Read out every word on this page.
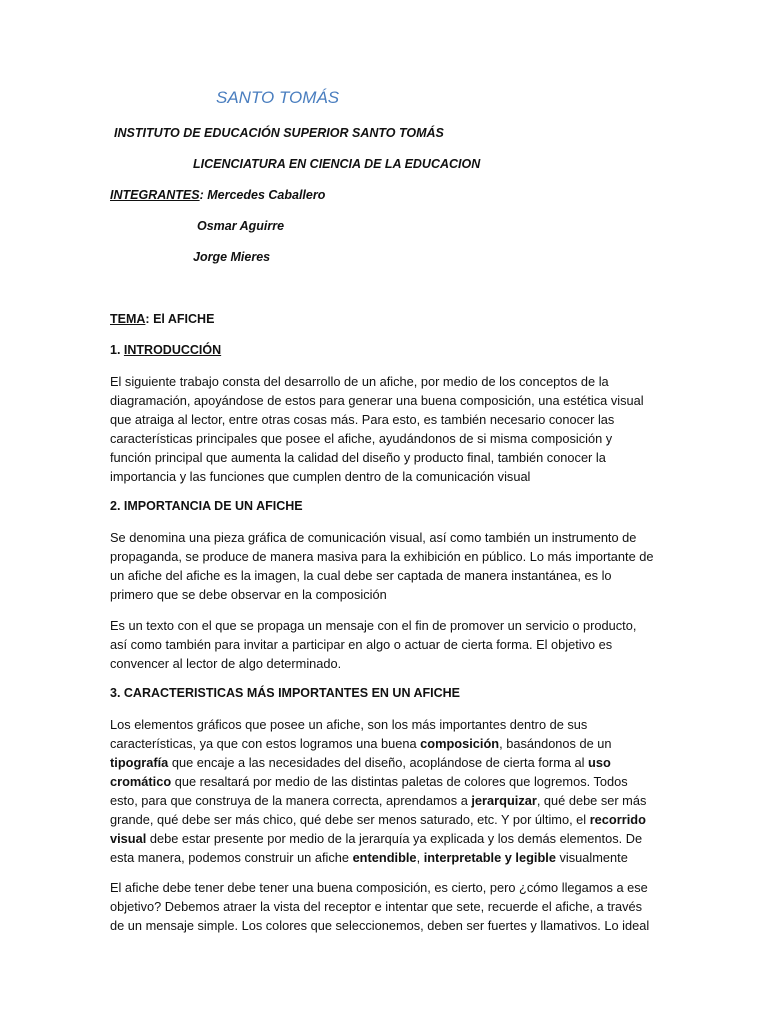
SANTO TOMÁS
INSTITUTO DE EDUCACIÓN SUPERIOR SANTO TOMÁS
LICENCIATURA EN CIENCIA DE LA EDUCACION
INTEGRANTES: Mercedes Caballero
Osmar Aguirre
Jorge Mieres
TEMA: El AFICHE
1. INTRODUCCIÓN

El siguiente trabajo consta del desarrollo de un afiche, por medio de los conceptos de la diagramación, apoyándose de estos para generar una buena composición, una estética visual que atraiga al lector, entre otras cosas más. Para esto, es también necesario conocer las características principales que posee el afiche, ayudándonos de si misma composición y función principal que aumenta la calidad del diseño y producto final, también conocer la importancia y las funciones que cumplen dentro de la comunicación visual

2. IMPORTANCIA DE UN AFICHE

Se denomina una pieza gráfica de comunicación visual, así como también un instrumento de propaganda, se produce de manera masiva para la exhibición en público. Lo más importante de un afiche del afiche es la imagen, la cual debe ser captada de manera instantánea, es lo primero que se debe observar en la composición

Es un texto con el que se propaga un mensaje con el fin de promover un servicio o producto, así como también para invitar a participar en algo o actuar de cierta forma. El objetivo es convencer al lector de algo determinado.

3. CARACTERISTICAS MÁS IMPORTANTES EN UN AFICHE

Los elementos gráficos que posee un afiche, son los más importantes dentro de sus características, ya que con estos logramos una buena composición, basándonos de un tipografía que encaje a las necesidades del diseño, acoplándose de cierta forma al uso cromático que resaltará por medio de las distintas paletas de colores que logremos. Todos esto, para que construya de la manera correcta, aprendamos a jerarquizar, qué debe ser más grande, qué debe ser más chico, qué debe ser menos saturado, etc. Y por último, el recorrido visual debe estar presente por medio de la jerarquía ya explicada y los demás elementos. De esta manera, podemos construir un afiche entendible, interpretable y legible visualmente

El afiche debe tener debe tener una buena composición, es cierto, pero ¿cómo llegamos a ese objetivo? Debemos atraer la vista del receptor e intentar que sete, recuerde el afiche, a través de un mensaje simple. Los colores que seleccionemos, deben ser fuertes y llamativos. Lo ideal
